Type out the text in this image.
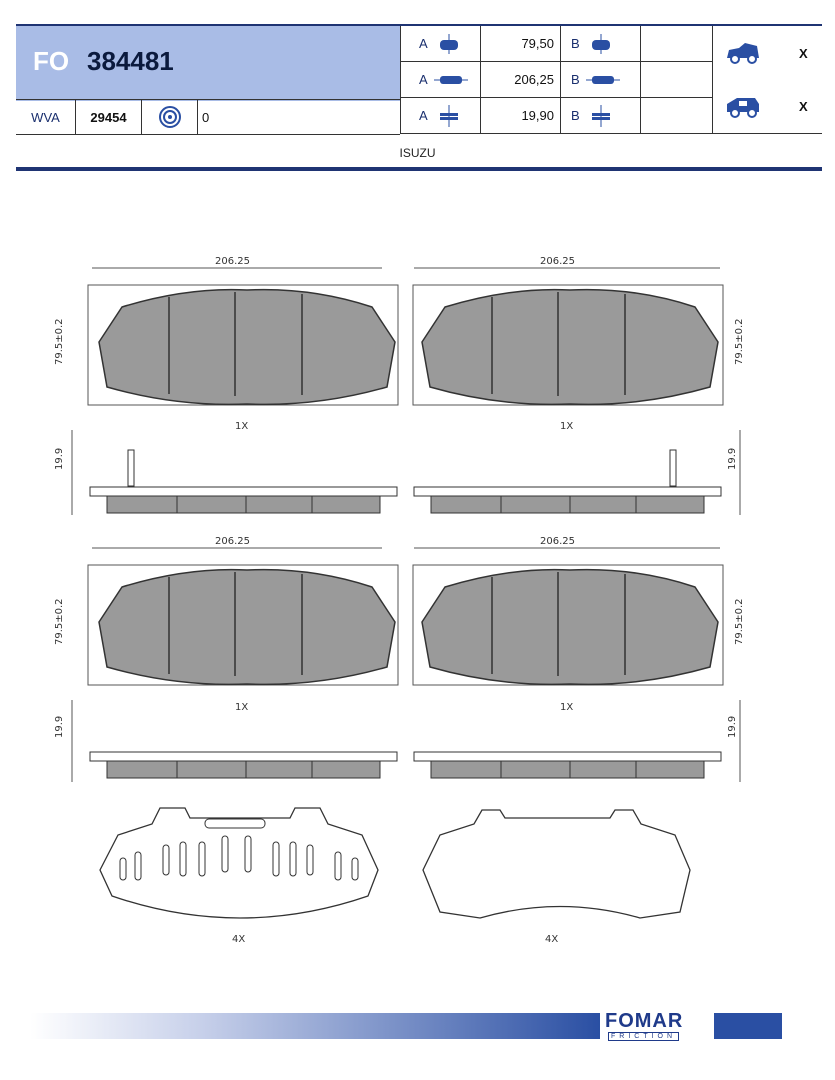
FO 384481
WVA	29454	0
A	79,50	B
A	206,25	B
A	19,90	B
X
X
ISUZU
206.25
79.5±0.2
1X
206.25
79.5±0.2
1X
19.9	19.9
206.25
79.5±0.2
1X
206.25
79.5±0.2
1X
19.9	19.9
4X	4X
FOMAR
FRICTION
